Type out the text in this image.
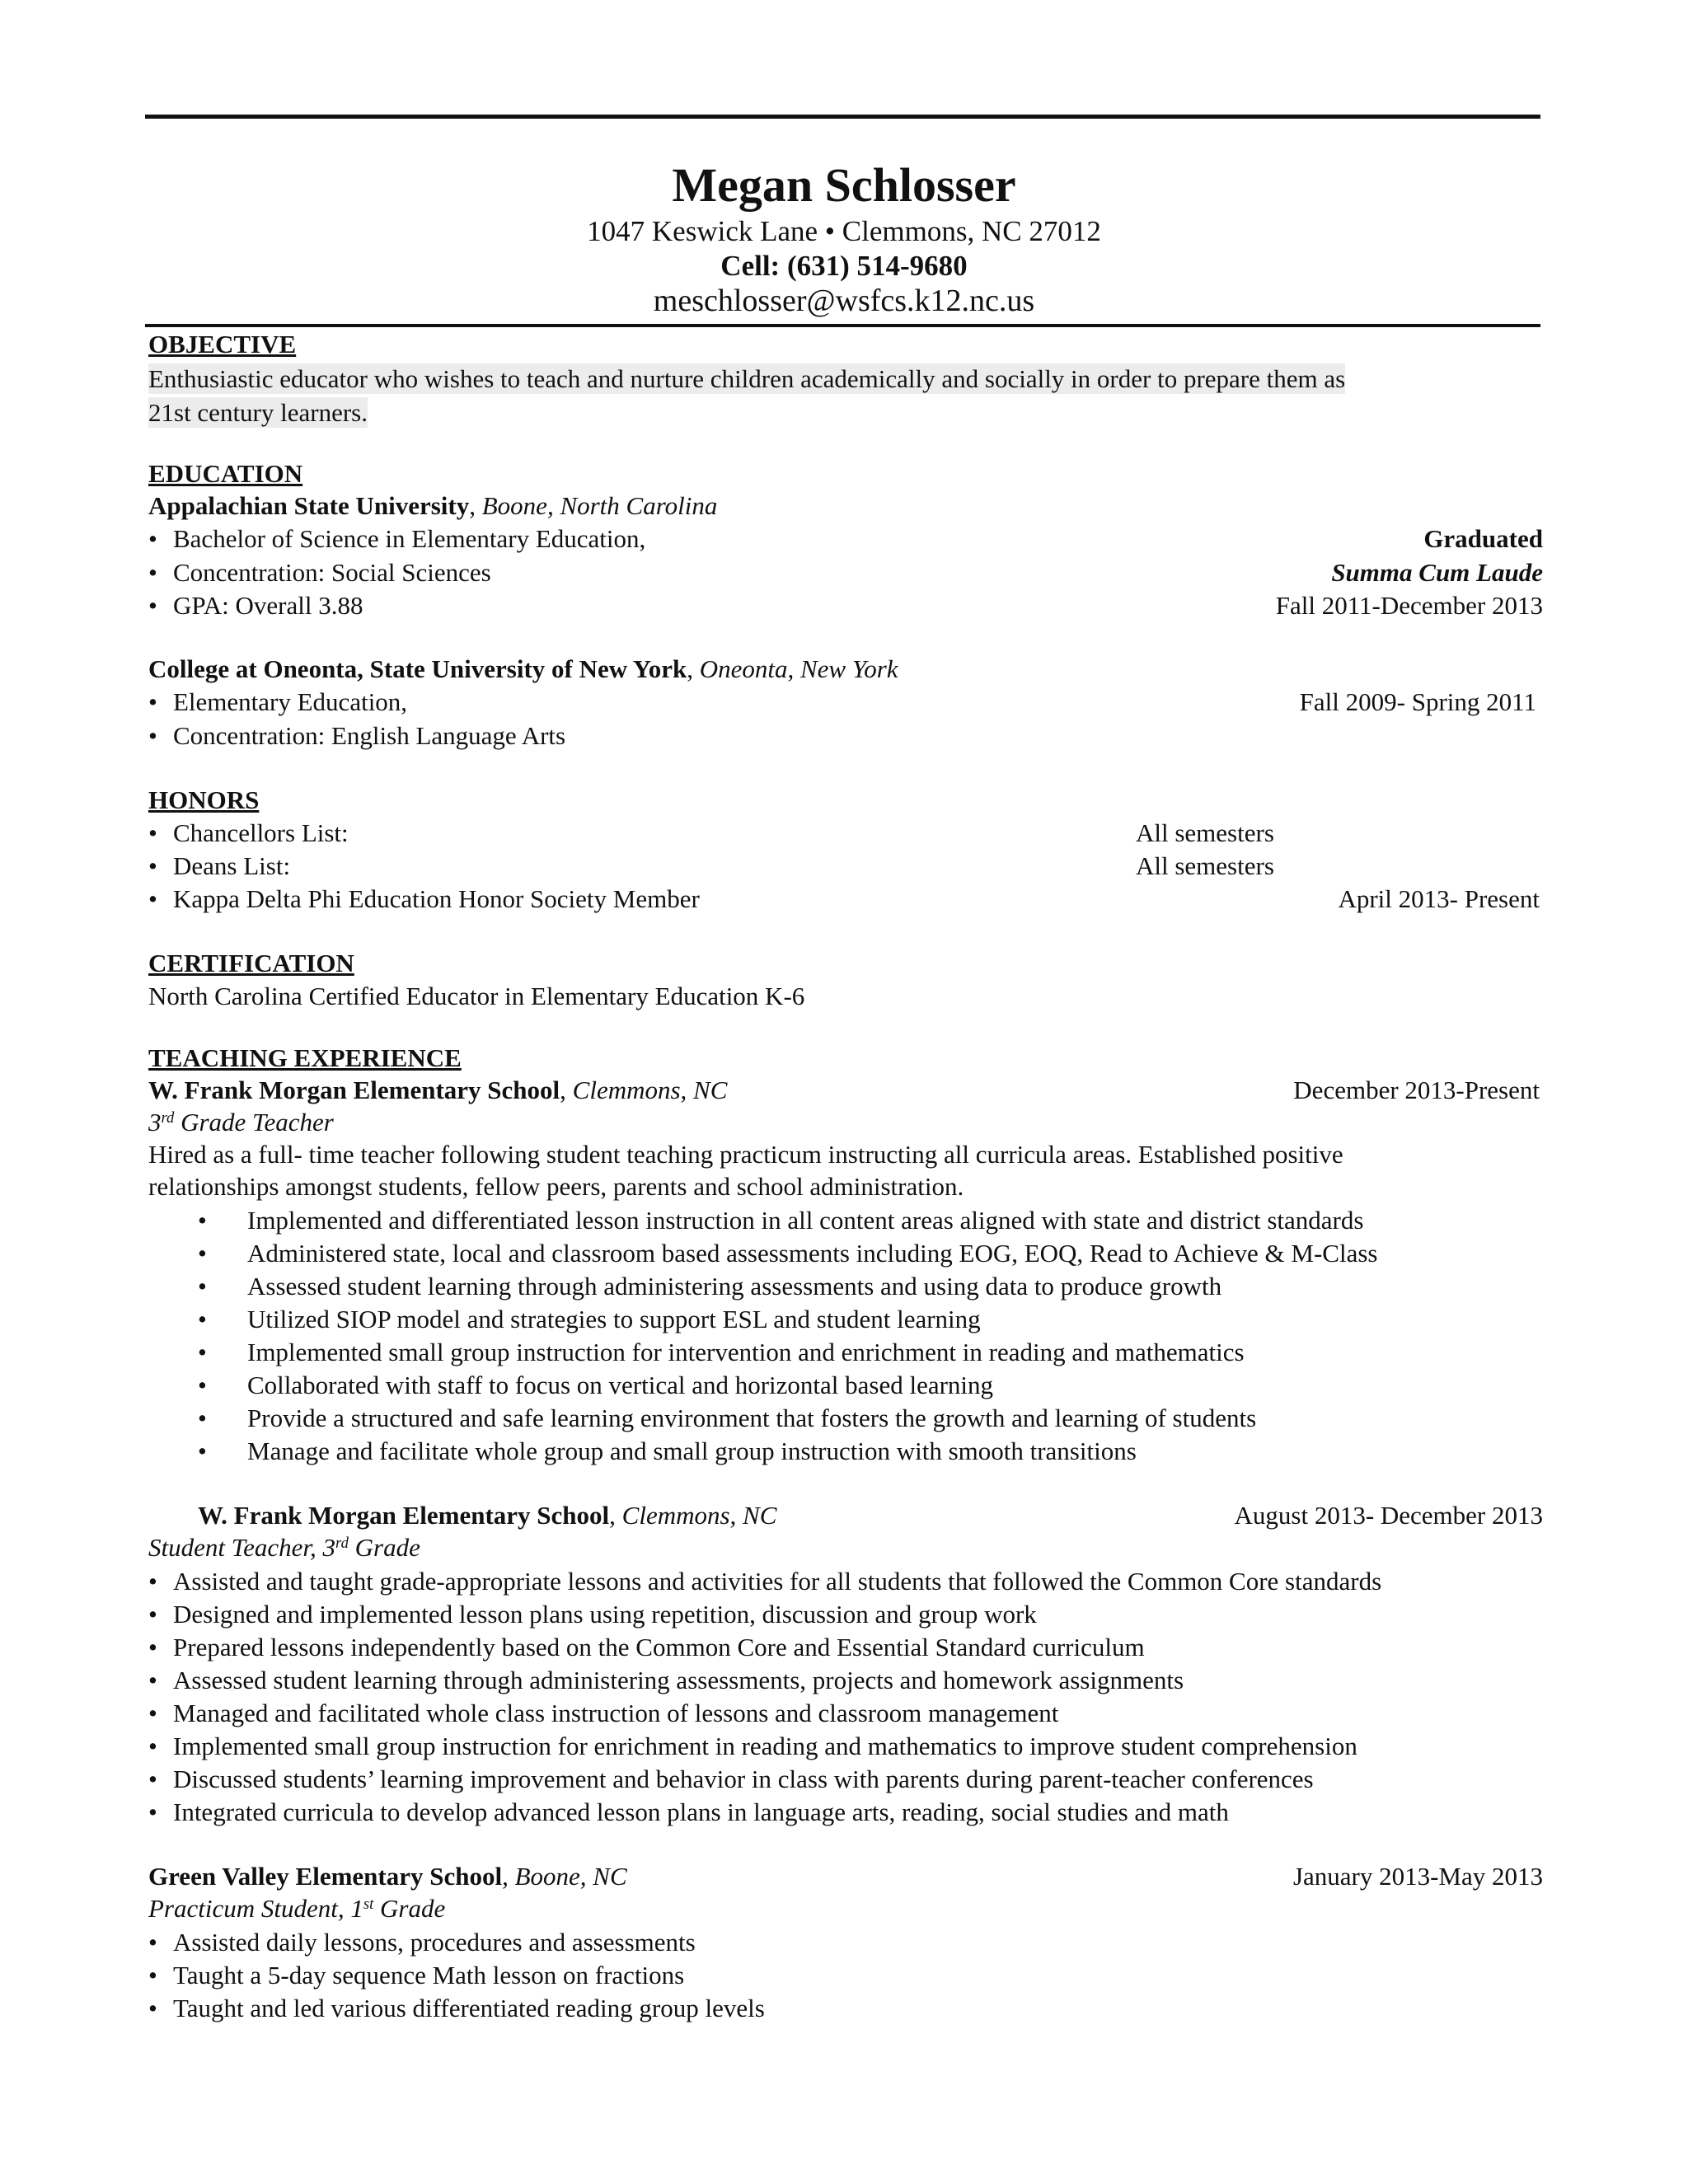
Megan Schlosser
1047 Keswick Lane • Clemmons, NC 27012
Cell: (631) 514-9680
meschlosser@wsfcs.k12.nc.us
OBJECTIVE
Enthusiastic educator who wishes to teach and nurture children academically and socially in order to prepare them as
21st century learners.
EDUCATION
Appalachian State University, Boone, North Carolina
• Bachelor of Science in Elementary Education,	Graduated
• Concentration: Social Sciences	Summa Cum Laude
• GPA: Overall 3.88	Fall 2011-December 2013
College at Oneonta, State University of New York, Oneonta, New York
• Elementary Education,	Fall 2009- Spring 2011
• Concentration: English Language Arts
HONORS
• Chancellors List:	All semesters
• Deans List:	All semesters
• Kappa Delta Phi Education Honor Society Member	April 2013- Present
CERTIFICATION
North Carolina Certified Educator in Elementary Education K-6
TEACHING EXPERIENCE
W. Frank Morgan Elementary School, Clemmons, NC	December 2013-Present
3rd Grade Teacher
Hired as a full- time teacher following student teaching practicum instructing all curricula areas. Established positive
relationships amongst students, fellow peers, parents and school administration.
• Implemented and differentiated lesson instruction in all content areas aligned with state and district standards
• Administered state, local and classroom based assessments including EOG, EOQ, Read to Achieve & M-Class
• Assessed student learning through administering assessments and using data to produce growth
• Utilized SIOP model and strategies to support ESL and student learning
• Implemented small group instruction for intervention and enrichment in reading and mathematics
• Collaborated with staff to focus on vertical and horizontal based learning
• Provide a structured and safe learning environment that fosters the growth and learning of students
• Manage and facilitate whole group and small group instruction with smooth transitions
W. Frank Morgan Elementary School, Clemmons, NC	August 2013- December 2013
Student Teacher, 3rd Grade
• Assisted and taught grade-appropriate lessons and activities for all students that followed the Common Core standards
• Designed and implemented lesson plans using repetition, discussion and group work
• Prepared lessons independently based on the Common Core and Essential Standard curriculum
• Assessed student learning through administering assessments, projects and homework assignments
• Managed and facilitated whole class instruction of lessons and classroom management
• Implemented small group instruction for enrichment in reading and mathematics to improve student comprehension
• Discussed students’ learning improvement and behavior in class with parents during parent-teacher conferences
• Integrated curricula to develop advanced lesson plans in language arts, reading, social studies and math
Green Valley Elementary School, Boone, NC	January 2013-May 2013
Practicum Student, 1st Grade
• Assisted daily lessons, procedures and assessments
• Taught a 5-day sequence Math lesson on fractions
• Taught and led various differentiated reading group levels
